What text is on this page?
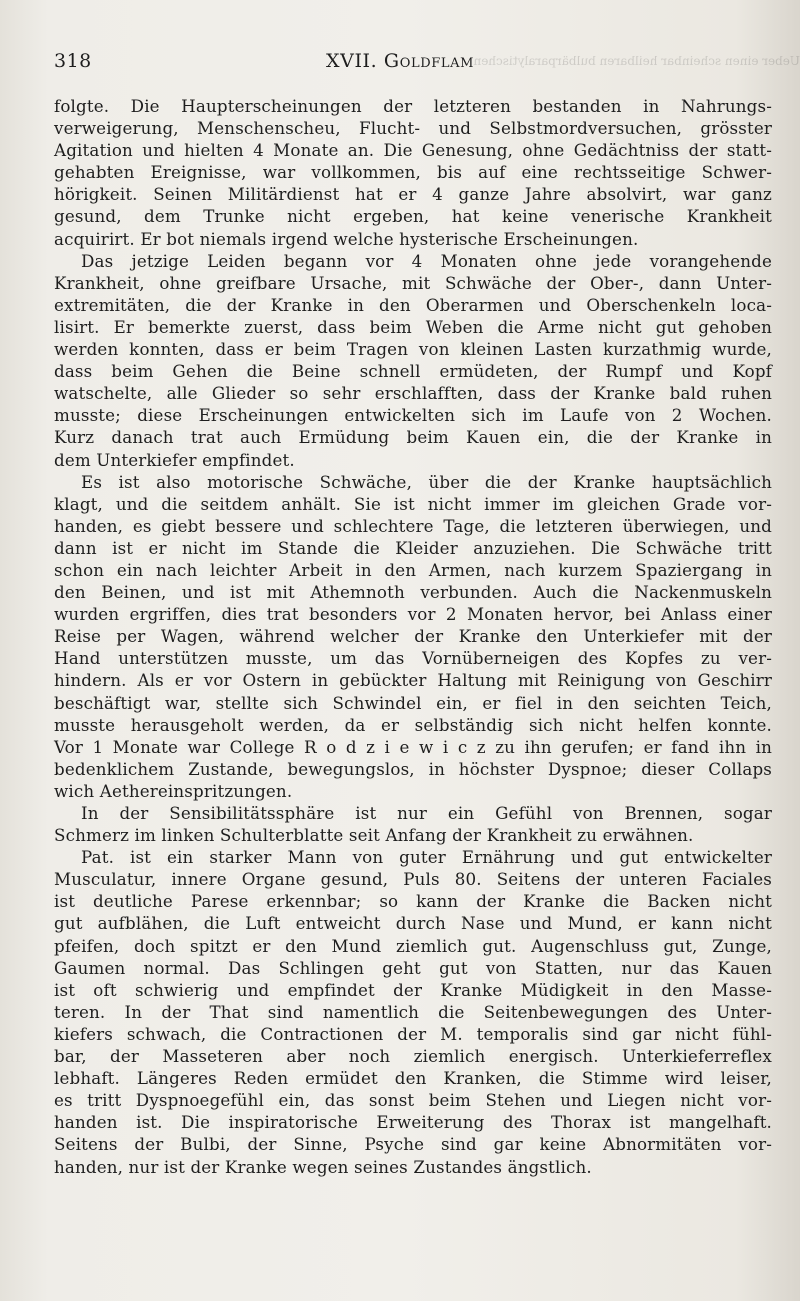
318	XVII. Goldflam Ueber einen scheinbar heilbaren bulbärparalytischen
folgte. Die Haupterscheinungen der letzteren bestanden in Nahrungs-
verweigerung, Menschenscheu, Flucht- und Selbstmordversuchen, grösster
Agitation und hielten 4 Monate an. Die Genesung, ohne Gedächtniss der statt-
gehabten Ereignisse, war vollkommen, bis auf eine rechtsseitige Schwer-
hörigkeit. Seinen Militärdienst hat er 4 ganze Jahre absolvirt, war ganz
gesund, dem Trunke nicht ergeben, hat keine venerische Krankheit
acquirirt. Er bot niemals irgend welche hysterische Erscheinungen.
Das jetzige Leiden begann vor 4 Monaten ohne jede vorangehende
Krankheit, ohne greifbare Ursache, mit Schwäche der Ober-, dann Unter-
extremitäten, die der Kranke in den Oberarmen und Oberschenkeln loca-
lisirt. Er bemerkte zuerst, dass beim Weben die Arme nicht gut gehoben
werden konnten, dass er beim Tragen von kleinen Lasten kurzathmig wurde,
dass beim Gehen die Beine schnell ermüdeten, der Rumpf und Kopf
watschelte, alle Glieder so sehr erschlafften, dass der Kranke bald ruhen
musste; diese Erscheinungen entwickelten sich im Laufe von 2 Wochen.
Kurz danach trat auch Ermüdung beim Kauen ein, die der Kranke in
dem Unterkiefer empfindet.
Es ist also motorische Schwäche, über die der Kranke hauptsächlich
klagt, und die seitdem anhält. Sie ist nicht immer im gleichen Grade vor-
handen, es giebt bessere und schlechtere Tage, die letzteren überwiegen, und
dann ist er nicht im Stande die Kleider anzuziehen. Die Schwäche tritt
schon ein nach leichter Arbeit in den Armen, nach kurzem Spaziergang in
den Beinen, und ist mit Athemnoth verbunden. Auch die Nackenmuskeln
wurden ergriffen, dies trat besonders vor 2 Monaten hervor, bei Anlass einer
Reise per Wagen, während welcher der Kranke den Unterkiefer mit der
Hand unterstützen musste, um das Vornüberneigen des Kopfes zu ver-
hindern. Als er vor Ostern in gebückter Haltung mit Reinigung von Geschirr
beschäftigt war, stellte sich Schwindel ein, er fiel in den seichten Teich,
musste herausgeholt werden, da er selbständig sich nicht helfen konnte.
Vor 1 Monate war College R o d z i e w i c z zu ihn gerufen; er fand ihn in
bedenklichem Zustande, bewegungslos, in höchster Dyspnoe; dieser Collaps
wich Aethereinspritzungen.
In der Sensibilitätssphäre ist nur ein Gefühl von Brennen, sogar
Schmerz im linken Schulterblatte seit Anfang der Krankheit zu erwähnen.
Pat. ist ein starker Mann von guter Ernährung und gut entwickelter
Musculatur, innere Organe gesund, Puls 80. Seitens der unteren Faciales
ist deutliche Parese erkennbar; so kann der Kranke die Backen nicht
gut aufblähen, die Luft entweicht durch Nase und Mund, er kann nicht
pfeifen, doch spitzt er den Mund ziemlich gut. Augenschluss gut, Zunge,
Gaumen normal. Das Schlingen geht gut von Statten, nur das Kauen
ist oft schwierig und empfindet der Kranke Müdigkeit in den Masse-
teren. In der That sind namentlich die Seitenbewegungen des Unter-
kiefers schwach, die Contractionen der M. temporalis sind gar nicht fühl-
bar, der Masseteren aber noch ziemlich energisch. Unterkieferreflex
lebhaft. Längeres Reden ermüdet den Kranken, die Stimme wird leiser,
es tritt Dyspnoegefühl ein, das sonst beim Stehen und Liegen nicht vor-
handen ist. Die inspiratorische Erweiterung des Thorax ist mangelhaft.
Seitens der Bulbi, der Sinne, Psyche sind gar keine Abnormitäten vor-
handen, nur ist der Kranke wegen seines Zustandes ängstlich.
